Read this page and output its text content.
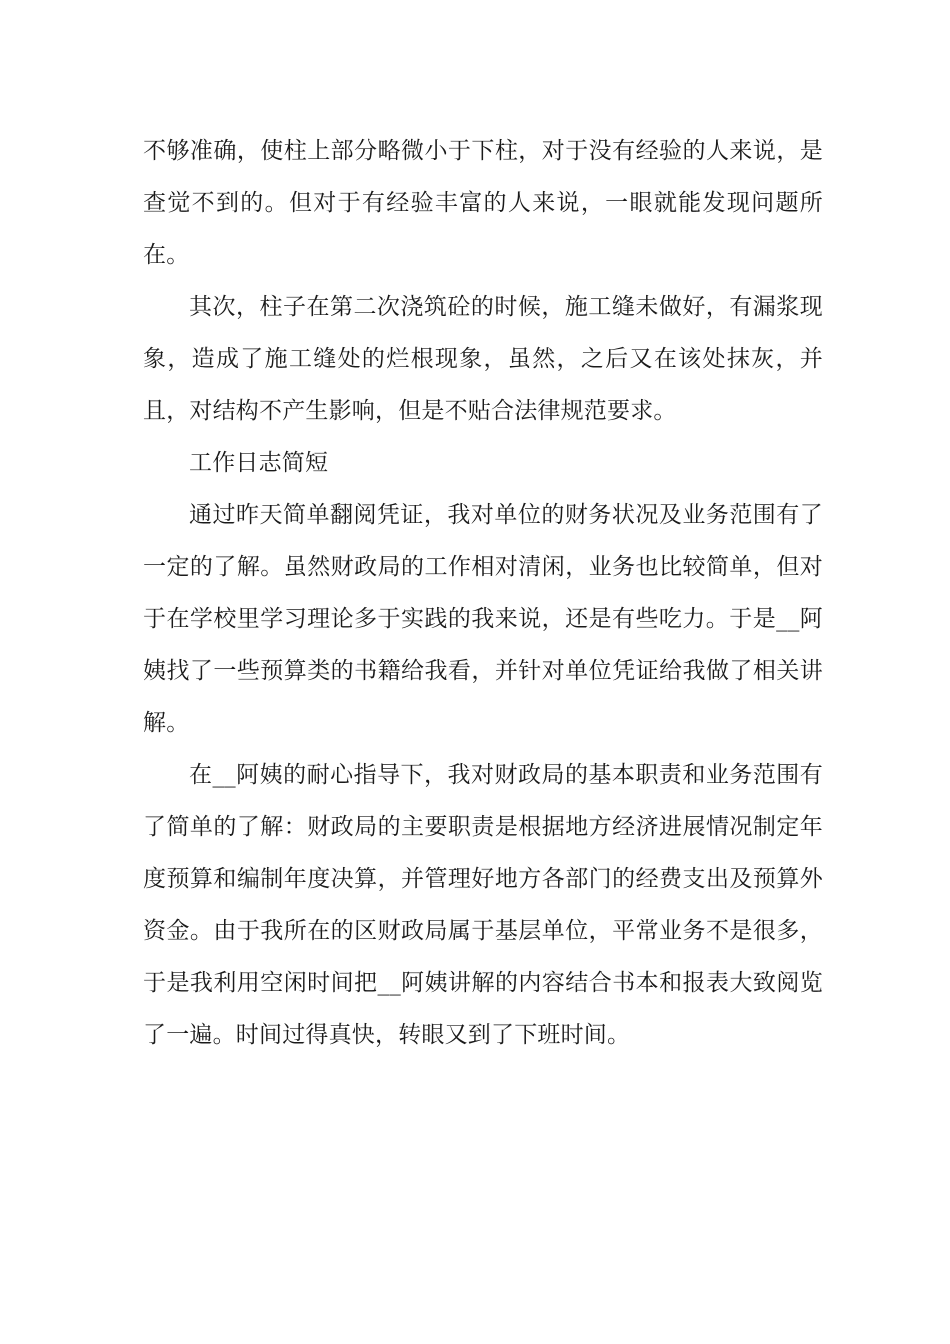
不够准确，使柱上部分略微小于下柱，对于没有经验的人来说，是查觉不到的。但对于有经验丰富的人来说，一眼就能发现问题所在。

其次，柱子在第二次浇筑砼的时候，施工缝未做好，有漏浆现象，造成了施工缝处的烂根现象，虽然，之后又在该处抹灰，并且，对结构不产生影响，但是不贴合法律规范要求。

工作日志简短

通过昨天简单翻阅凭证，我对单位的财务状况及业务范围有了一定的了解。虽然财政局的工作相对清闲，业务也比较简单，但对于在学校里学习理论多于实践的我来说，还是有些吃力。于是__阿姨找了一些预算类的书籍给我看，并针对单位凭证给我做了相关讲解。

在__阿姨的耐心指导下，我对财政局的基本职责和业务范围有了简单的了解：财政局的主要职责是根据地方经济进展情况制定年度预算和编制年度决算，并管理好地方各部门的经费支出及预算外资金。由于我所在的区财政局属于基层单位，平常业务不是很多，于是我利用空闲时间把__阿姨讲解的内容结合书本和报表大致阅览了一遍。时间过得真快，转眼又到了下班时间。
